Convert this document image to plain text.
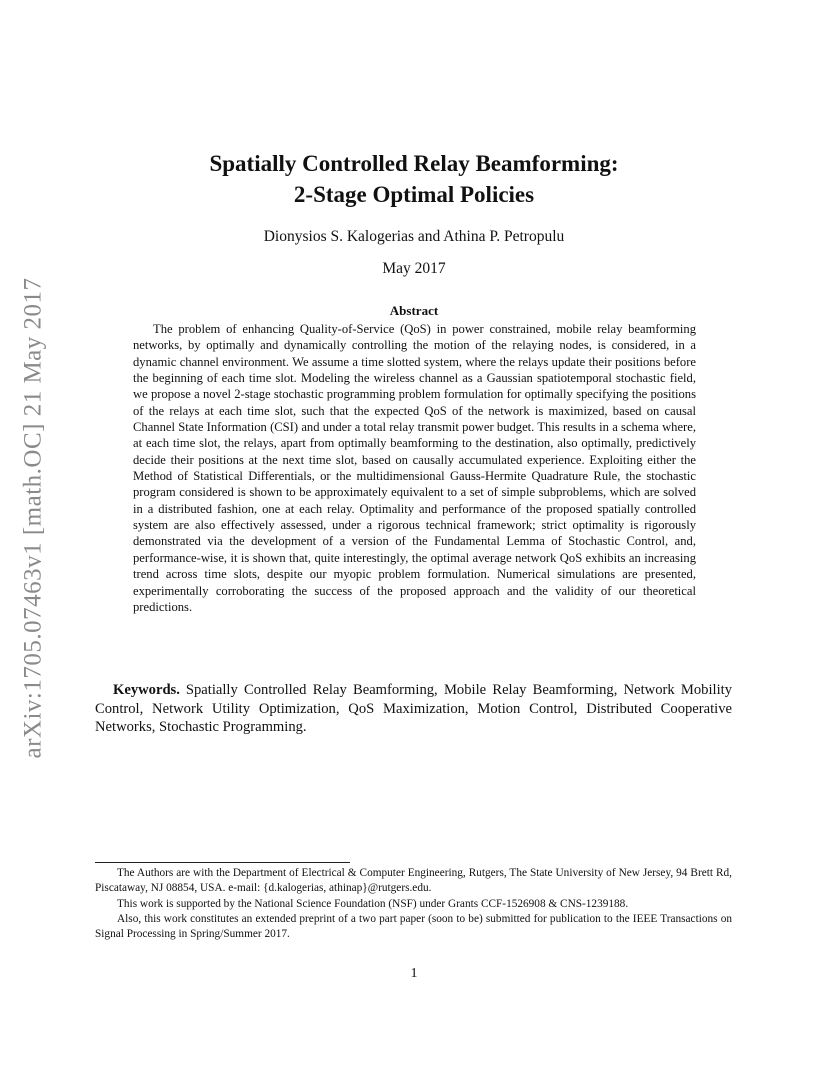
arXiv:1705.07463v1 [math.OC] 21 May 2017
Spatially Controlled Relay Beamforming:
2-Stage Optimal Policies
Dionysios S. Kalogerias and Athina P. Petropulu
May 2017
Abstract
The problem of enhancing Quality-of-Service (QoS) in power constrained, mobile relay beamforming networks, by optimally and dynamically controlling the motion of the relaying nodes, is considered, in a dynamic channel environment. We assume a time slotted system, where the relays update their positions before the beginning of each time slot. Modeling the wireless channel as a Gaussian spatiotemporal stochastic field, we propose a novel 2-stage stochastic programming problem formulation for optimally specifying the positions of the relays at each time slot, such that the expected QoS of the network is maximized, based on causal Channel State Information (CSI) and under a total relay transmit power budget. This results in a schema where, at each time slot, the relays, apart from optimally beamforming to the destination, also optimally, predictively decide their positions at the next time slot, based on causally accumulated experience. Exploiting either the Method of Statistical Differentials, or the multidimensional Gauss-Hermite Quadrature Rule, the stochastic program considered is shown to be approximately equivalent to a set of simple subproblems, which are solved in a distributed fashion, one at each relay. Optimality and performance of the proposed spatially controlled system are also effectively assessed, under a rigorous technical framework; strict optimality is rigorously demonstrated via the development of a version of the Fundamental Lemma of Stochastic Control, and, performance-wise, it is shown that, quite interestingly, the optimal average network QoS exhibits an increasing trend across time slots, despite our myopic problem formulation. Numerical simulations are presented, experimentally corroborating the success of the proposed approach and the validity of our theoretical predictions.
Keywords. Spatially Controlled Relay Beamforming, Mobile Relay Beamforming, Network Mobility Control, Network Utility Optimization, QoS Maximization, Motion Control, Distributed Cooperative Networks, Stochastic Programming.

The Authors are with the Department of Electrical & Computer Engineering, Rutgers, The State University of New Jersey, 94 Brett Rd, Piscataway, NJ 08854, USA. e-mail: {d.kalogerias, athinap}@rutgers.edu.

This work is supported by the National Science Foundation (NSF) under Grants CCF-1526908 & CNS-1239188.

Also, this work constitutes an extended preprint of a two part paper (soon to be) submitted for publication to the IEEE Transactions on Signal Processing in Spring/Summer 2017.

1
